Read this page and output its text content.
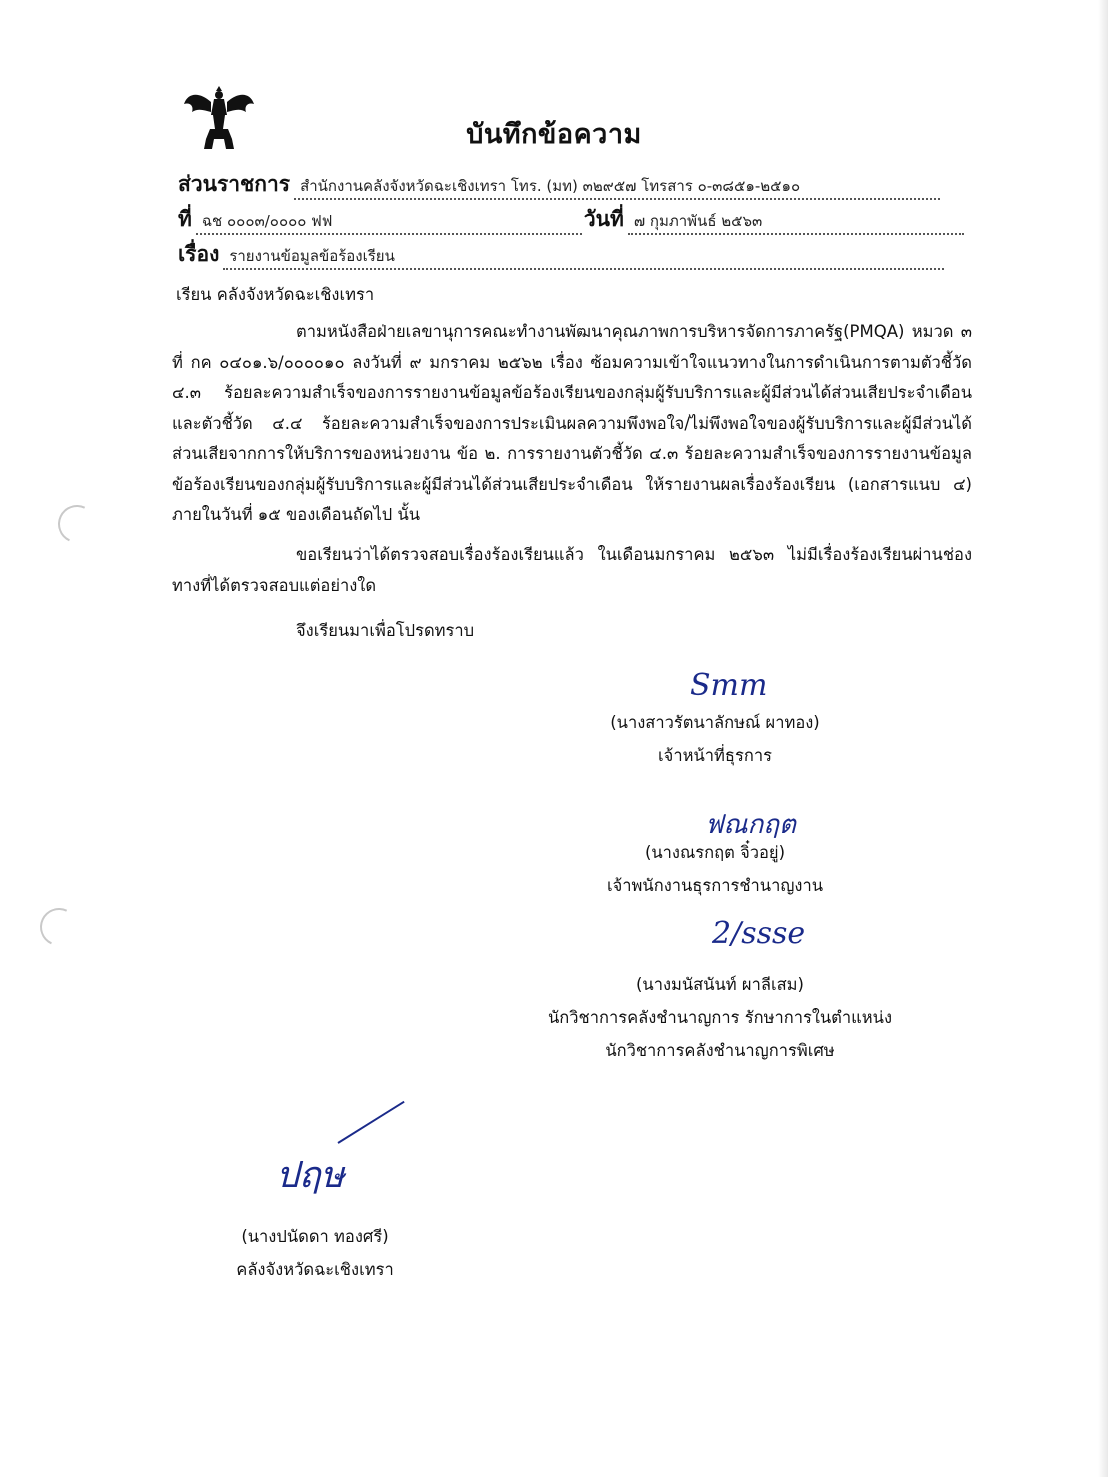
บันทึกข้อความ
ส่วนราชการ สำนักงานคลังจังหวัดฉะเชิงเทรา โทร. (มท) ๓๒๙๕๗ โทรสาร ๐-๓๘๕๑-๒๕๑๐
ที่ ฉช ๐๐๐๓/๐๐๐๐ ฟฟ	วันที่ ๗ กุมภาพันธ์ ๒๕๖๓
เรื่อง รายงานข้อมูลข้อร้องเรียน
เรียน คลังจังหวัดฉะเชิงเทรา
ตามหนังสือฝ่ายเลขานุการคณะทำงานพัฒนาคุณภาพการบริหารจัดการภาครัฐ(PMQA) หมวด ๓ ที่ กค ๐๔๐๑.๖/๐๐๐๐๑๐ ลงวันที่ ๙ มกราคม ๒๕๖๒ เรื่อง ซ้อมความเข้าใจแนวทางในการดำเนินการตามตัวชี้วัด ๔.๓ ร้อยละความสำเร็จของการรายงานข้อมูลข้อร้องเรียนของกลุ่มผู้รับบริการและผู้มีส่วนได้ส่วนเสียประจำเดือน และตัวชี้วัด ๔.๔ ร้อยละความสำเร็จของการประเมินผลความพึงพอใจ/ไม่พึงพอใจของผู้รับบริการและผู้มีส่วนได้ส่วนเสียจากการให้บริการของหน่วยงาน ข้อ ๒. การรายงานตัวชี้วัด ๔.๓ ร้อยละความสำเร็จของการรายงานข้อมูลข้อร้องเรียนของกลุ่มผู้รับบริการและผู้มีส่วนได้ส่วนเสียประจำเดือน ให้รายงานผลเรื่องร้องเรียน (เอกสารแนบ ๔) ภายในวันที่ ๑๕ ของเดือนถัดไป นั้น
ขอเรียนว่าได้ตรวจสอบเรื่องร้องเรียนแล้ว ในเดือนมกราคม ๒๕๖๓ ไม่มีเรื่องร้องเรียนผ่านช่องทางที่ได้ตรวจสอบแต่อย่างใด
จึงเรียนมาเพื่อโปรดทราบ
Smm
(นางสาวรัตนาลักษณ์ ผาทอง)
เจ้าหน้าที่ธุรการ
ฟณกฤต
(นางณรกฤต จิ๋วอยู่)
เจ้าพนักงานธุรการชำนาญงาน
2/ssse
(นางมนัสนันท์ ผาลีเสม)
นักวิชาการคลังชำนาญการ รักษาการในตำแหน่ง
นักวิชาการคลังชำนาญการพิเศษ
ปฤษ
(นางปนัดดา ทองศรี)
คลังจังหวัดฉะเชิงเทรา
